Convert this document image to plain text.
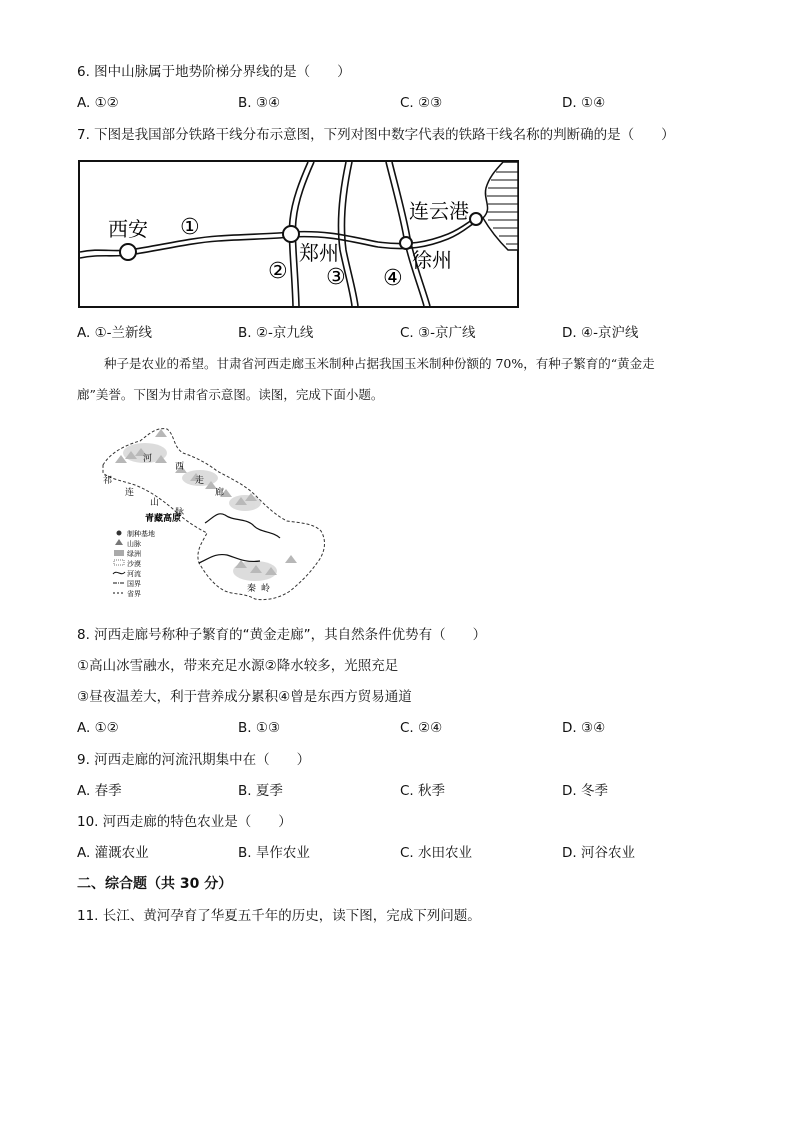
6. 图中山脉属于地势阶梯分界线的是（　　）
A. ①②	B. ③④	C. ②③	D. ①④
7. 下图是我国部分铁路干线分布示意图，下列对图中数字代表的铁路干线名称的判断确的是（　　）
西安
郑州	徐州
连云港
①
② ③ ④
A. ①-兰新线	B. ②-京九线	C. ③-京广线	D. ④-京沪线
种子是农业的希望。甘肃省河西走廊玉米制种占据我国玉米制种份额的 70%，有种子繁育的“黄金走
廊”美誉。下图为甘肃省示意图。读图，完成下面小题。
河
西
走
廊
祁
连
山
脉
青藏高原
秦 岭
制种基地
山脉
绿洲
沙漠
河流
国界
省界
8. 河西走廊号称种子繁育的“黄金走廊”，其自然条件优势有（　　）
①高山冰雪融水，带来充足水源②降水较多，光照充足
③昼夜温差大，利于营养成分累积④曾是东西方贸易通道
A. ①②	B. ①③	C. ②④	D. ③④
9. 河西走廊的河流汛期集中在（　　）
A. 春季	B. 夏季	C. 秋季	D. 冬季
10. 河西走廊的特色农业是（　　）
A. 灌溉农业	B. 旱作农业	C. 水田农业	D. 河谷农业
二、综合题（共 30 分）
11. 长江、黄河孕育了华夏五千年的历史，读下图，完成下列问题。
